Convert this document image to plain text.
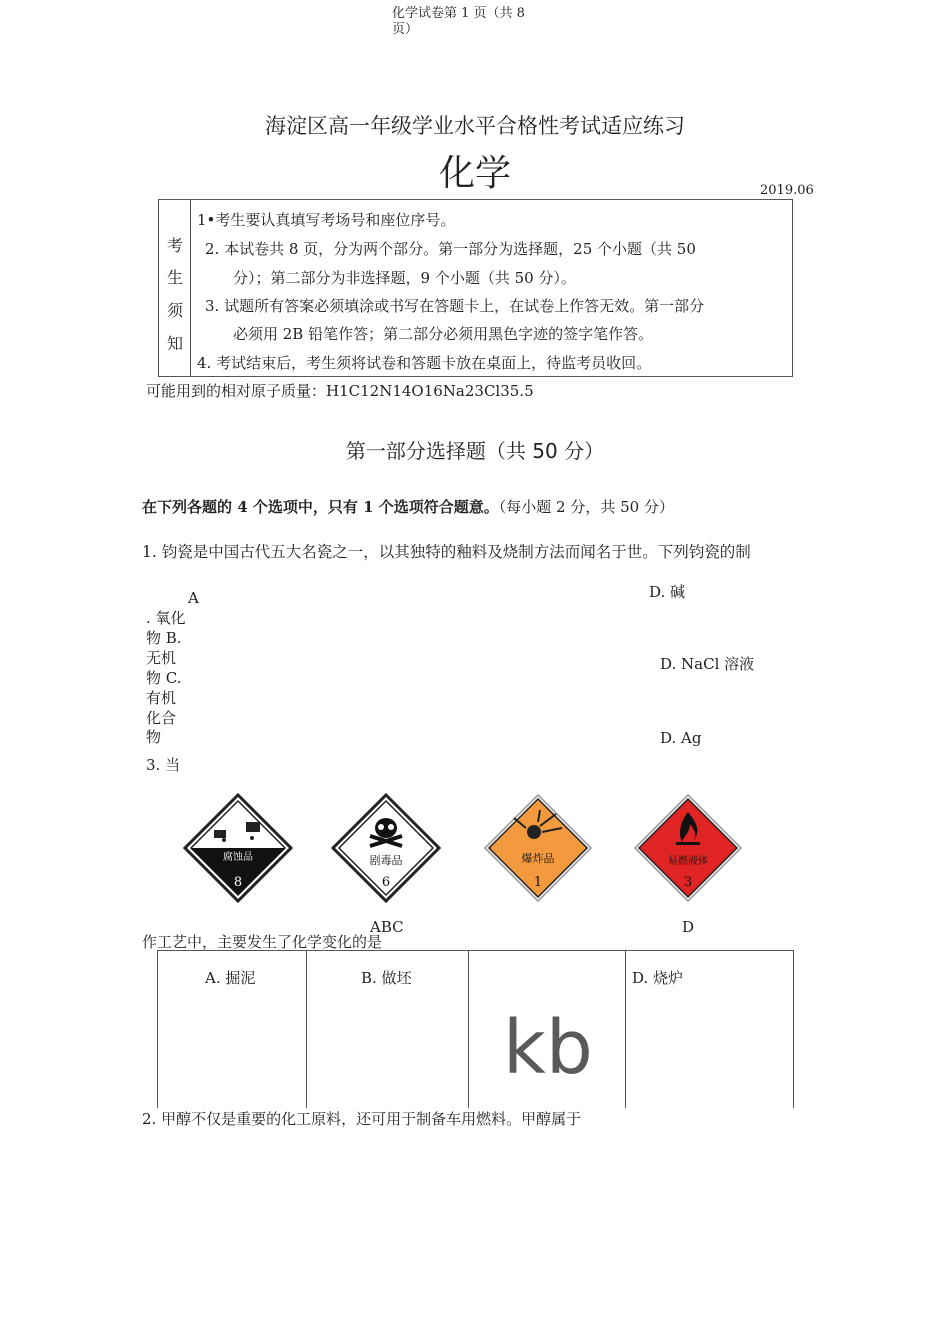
化学试卷第 1 页（共 8 页）
海淀区高一年级学业水平合格性考试适应练习
化学	2019.06
考
生
须
知
1•考生要认真填写考场号和座位序号。
2. 本试卷共 8 页，分为两个部分。第一部分为选择题，25 个小题（共 50
分）；第二部分为非选择题，9 个小题（共 50 分）。
3. 试题所有答案必须填涂或书写在答题卡上，在试卷上作答无效。第一部分
必须用 2B 铅笔作答；第二部分必须用黑色字迹的签字笔作答。
4. 考试结束后，考生须将试卷和答题卡放在桌面上，待监考员收回。
可能用到的相对原子质量：H1C12N14O16Na23Cl35.5
第一部分选择题（共 50 分）
在下列各题的 4 个选项中，只有 1 个选项符合题意。（每小题 2 分，共 50 分）
1. 钧瓷是中国古代五大名瓷之一，以其独特的釉料及烧制方法而闻名于世。下列钧瓷的制
A
. 氧化
物 B.
无机
物 C.
有机
化合
物
D. 碱
D. NaCl 溶液
D. Ag
3. 当
腐蚀品
8
剧毒品
6
爆炸品
1
易燃液体
3
ABC	D
作工艺中，主要发生了化学变化的是
A. 掘泥	B. 做坯
kb
D. 烧炉
2. 甲醇不仅是重要的化工原料，还可用于制备车用燃料。甲醇属于
